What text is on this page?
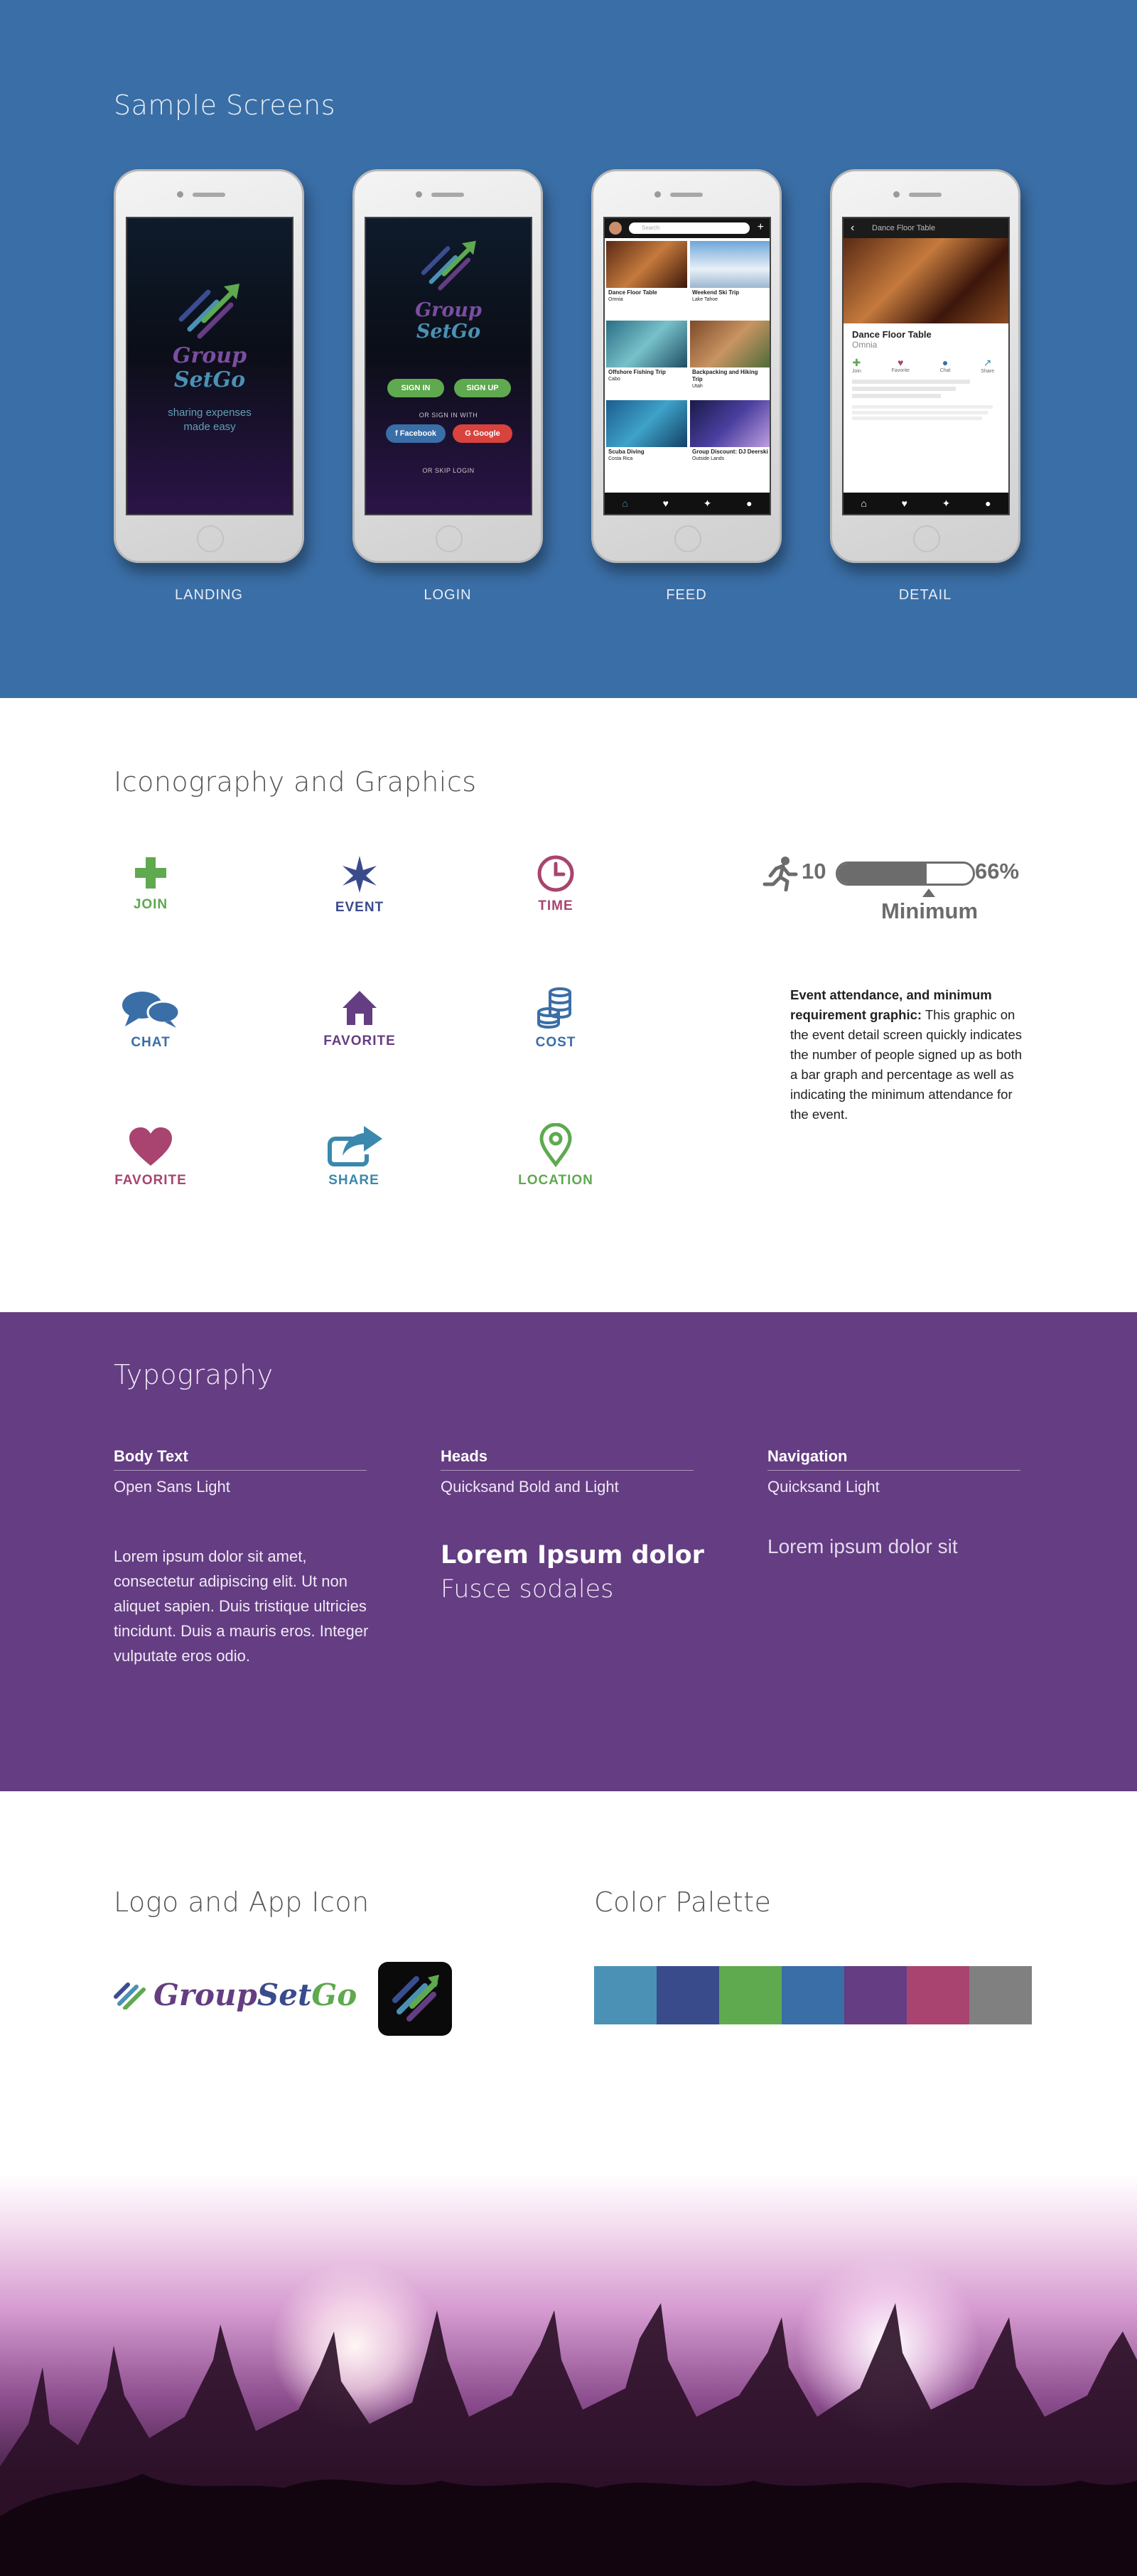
Sample Screens
Group
SetGo
sharing expenses
made easy
LANDING
Group
SetGo
SIGN IN	SIGN UP
OR SIGN IN WITH
f Facebook	G Google
OR SKIP LOGIN
LOGIN
Search	+
Dance Floor Table
Omnia
Weekend Ski Trip
Lake Tahoe
Offshore Fishing Trip
Cabo
Backpacking and Hiking Trip
Utah
Scuba Diving
Costa Rica
Group Discount: DJ Deerski
Outside Lands
⌂	♥	✦	●
FEED
‹ Dance Floor Table
Dance Floor Table
Omnia
✚
Join
♥
Favorite
●
Chat
↗
Share
⌂	♥	✦	●
DETAIL
Iconography and Graphics
JOIN	EVENT	TIME
CHAT	FAVORITE	COST
FAVORITE	SHARE	LOCATION
10	66%
Minimum
Event attendance, and minimum requirement graphic: This graphic on the event detail screen quickly indicates the number of people signed up as both a bar graph and percentage as well as indicating the minimum attendance for the event.
Typography
Body Text
Open Sans Light
Heads
Quicksand Bold and Light
Navigation
Quicksand Light
Lorem ipsum dolor sit amet, consectetur adipiscing elit. Ut non aliquet sapien. Duis tristique ultricies tincidunt. Duis a mauris eros. Integer vulputate eros odio.
Lorem Ipsum dolor
Fusce sodales
Lorem ipsum dolor sit
Logo and App Icon	Color Palette
GroupSetGo
